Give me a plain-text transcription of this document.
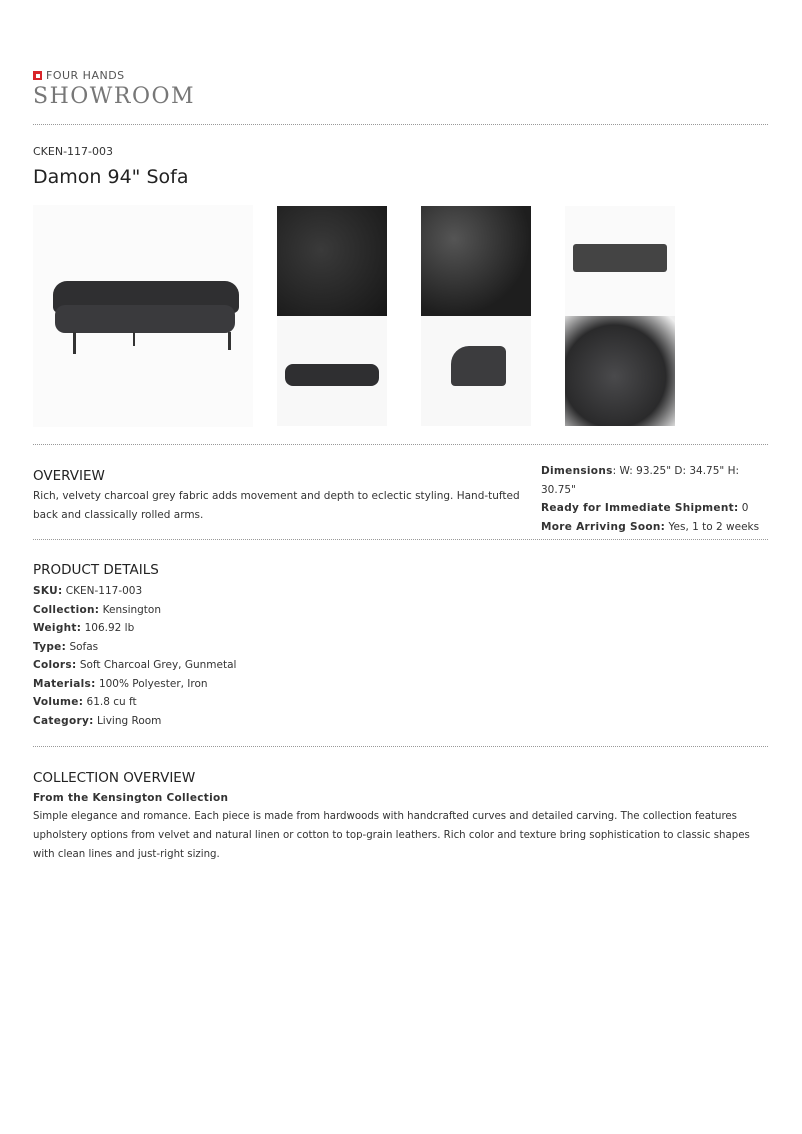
FOUR HANDS
SHOWROOM
CKEN-117-003
Damon 94" Sofa
OVERVIEW
Rich, velvety charcoal grey fabric adds movement and depth to eclectic styling. Hand-tufted back and classically rolled arms.
Dimensions: W: 93.25" D: 34.75" H: 30.75"
Ready for Immediate Shipment: 0
More Arriving Soon: Yes, 1 to 2 weeks
PRODUCT DETAILS
SKU: CKEN-117-003
Collection: Kensington
Weight: 106.92 lb
Type: Sofas
Colors: Soft Charcoal Grey, Gunmetal
Materials: 100% Polyester, Iron
Volume: 61.8 cu ft
Category: Living Room
COLLECTION OVERVIEW
From the Kensington Collection
Simple elegance and romance. Each piece is made from hardwoods with handcrafted curves and detailed carving. The collection features upholstery options from velvet and natural linen or cotton to top-grain leathers. Rich color and texture bring sophistication to classic shapes with clean lines and just-right sizing.
